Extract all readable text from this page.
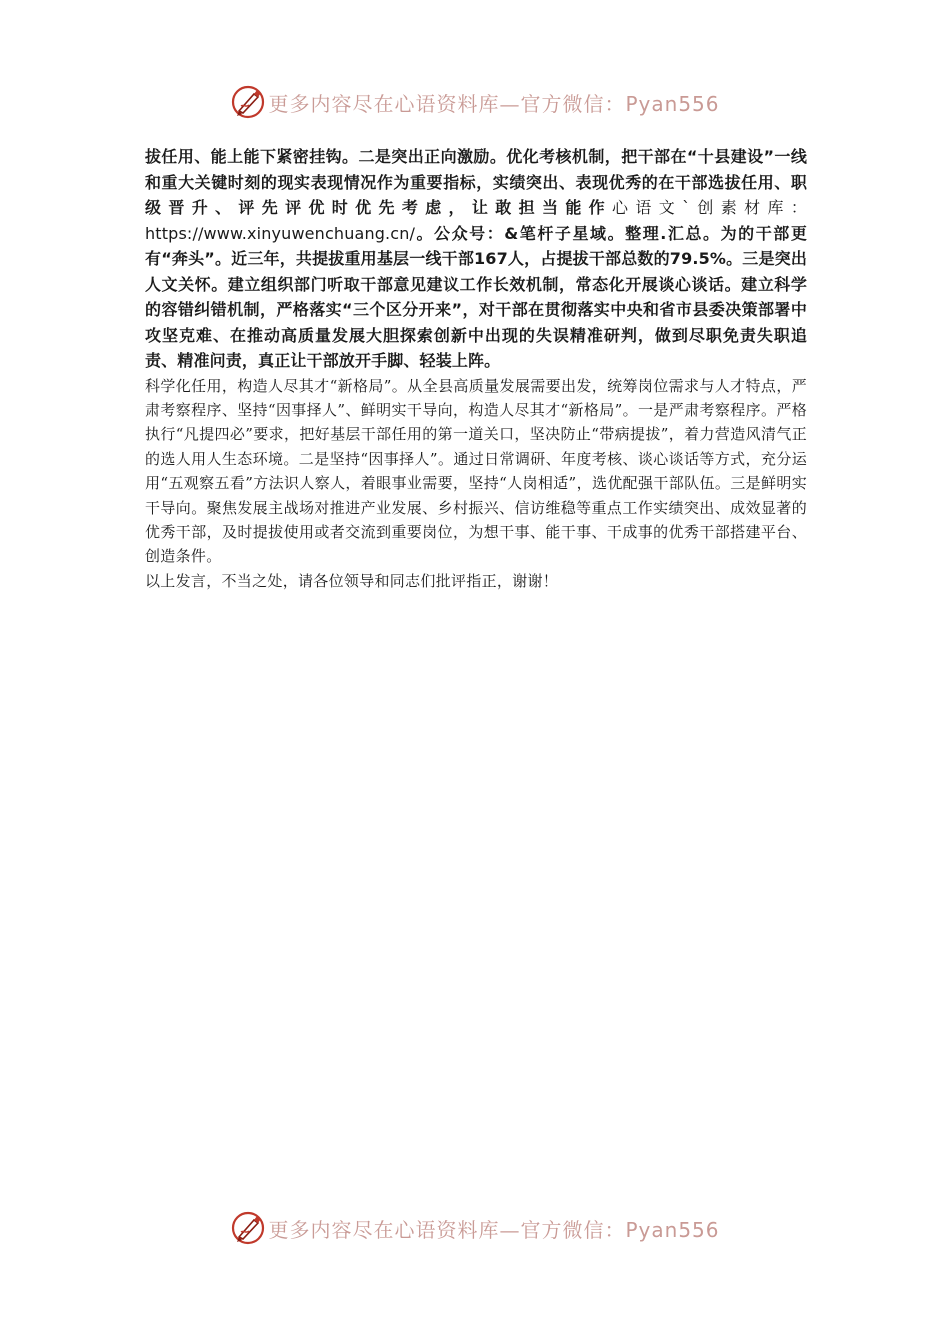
更多内容尽在心语资料库—官方微信：Pyan556

拔任用、能上能下紧密挂钩。二是突出正向激励。优化考核机制，把干部在“十县建设”一线和重大关键时刻的现实表现情况作为重要指标，实绩突出、表现优秀的在干部选拔任用、职级晋升、评先评优时优先考虑，让敢担当能作心语文`创素材库：https://www.xinyuwenchuang.cn/。公众号：&笔杆子星域。整理.汇总。为的干部更有“奔头”。近三年，共提拔重用基层一线干部167人，占提拔干部总数的79.5%。三是突出人文关怀。建立组织部门听取干部意见建议工作长效机制，常态化开展谈心谈话。建立科学的容错纠错机制，严格落实“三个区分开来”，对干部在贯彻落实中央和省市县委决策部署中攻坚克难、在推动高质量发展大胆探索创新中出现的失误精准研判，做到尽职免责失职追责、精准问责，真正让干部放开手脚、轻装上阵。

科学化任用，构造人尽其才“新格局”。从全县高质量发展需要出发，统筹岗位需求与人才特点，严肃考察程序、坚持“因事择人”、鲜明实干导向，构造人尽其才“新格局”。一是严肃考察程序。严格执行“凡提四必”要求，把好基层干部任用的第一道关口，坚决防止“带病提拔”，着力营造风清气正的选人用人生态环境。二是坚持“因事择人”。通过日常调研、年度考核、谈心谈话等方式，充分运用“五观察五看”方法识人察人，着眼事业需要，坚持“人岗相适”，选优配强干部队伍。三是鲜明实干导向。聚焦发展主战场对推进产业发展、乡村振兴、信访维稳等重点工作实绩突出、成效显著的优秀干部，及时提拔使用或者交流到重要岗位，为想干事、能干事、干成事的优秀干部搭建平台、创造条件。

以上发言，不当之处，请各位领导和同志们批评指正，谢谢！

更多内容尽在心语资料库—官方微信：Pyan556
